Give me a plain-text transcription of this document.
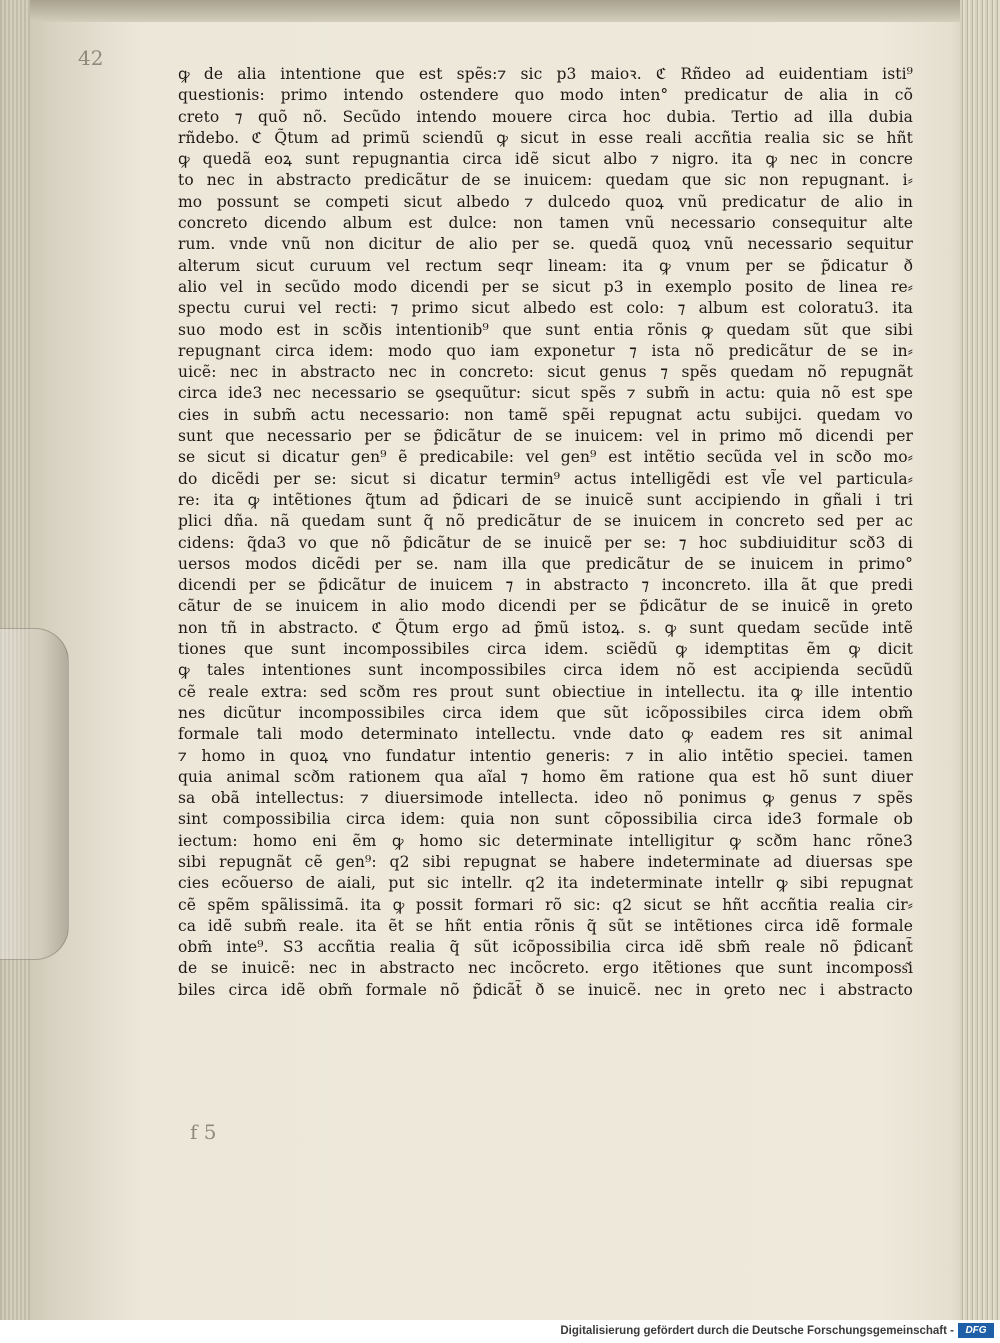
42
f 5
ꝙ de alia intentione que est spẽs:⁊ sic p3 maioꝛ. ℭ Rñdeo ad euidentiam isti⁹
questionis: primo intendo ostendere quo modo inten° predicatur de alia in cõ
creto ⁊ quõ nõ. Secũdo intendo mouere circa hoc dubia. Tertio ad illa dubia
rñdebo. ℭ Q̃tum ad primũ sciendũ ꝙ sicut in esse reali accñtia realia sic se hñt
ꝙ quedã eoꝝ sunt repugnantia circa idẽ sicut albo ⁊ nigro. ita ꝙ nec in concre
to nec in abstracto predicãtur de se inuicem: quedam que sic non repugnant. i⸗
mo possunt se competi sicut albedo ⁊ dulcedo quoꝝ vnũ predicatur de alio in
concreto dicendo album est dulce: non tamen vnũ necessario consequitur alte
rum. vnde vnũ non dicitur de alio per se. quedã quoꝝ vnũ necessario sequitur
alterum sicut curuum vel rectum seqr lineam: ita ꝙ vnum per se p̃dicatur ð
alio vel in secũdo modo dicendi per se sicut p3 in exemplo posito de linea re⸗
spectu curui vel recti: ⁊ primo sicut albedo est colo: ⁊ album est coloratu3. ita
suo modo est in scðis intentionib⁹ que sunt entia rõnis ꝙ quedam sũt que sibi
repugnant circa idem: modo quo iam exponetur ⁊ ista nõ predicãtur de se in⸗
uicẽ: nec in abstracto nec in concreto: sicut genus ⁊ spẽs quedam nõ repugnãt
circa ide3 nec necessario se ꝯsequũtur: sicut spẽs ⁊ subm̃ in actu: quia nõ est spe
cies in subm̃ actu necessario: non tamẽ spẽi repugnat actu subijci. quedam vo
sunt que necessario per se p̃dicãtur de se inuicem: vel in primo mõ dicendi per
se sicut si dicatur gen⁹ ẽ predicabile: vel gen⁹ est intẽtio secũda vel in scðo mo⸗
do dicẽdi per se: sicut si dicatur termin⁹ actus intelligẽdi est vl̃e vel particula⸗
re: ita ꝙ intẽtiones q̃tum ad p̃dicari de se inuicẽ sunt accipiendo in gñali i tri
plici dña. nã quedam sunt q̃ nõ predicãtur de se inuicem in concreto sed per ac
cidens: q̃da3 vo que nõ p̃dicãtur de se inuicẽ per se: ⁊ hoc subdiuiditur scð3 di
uersos modos dicẽdi per se. nam illa que predicãtur de se inuicem in primo°
dicendi per se p̃dicãtur de inuicem ⁊ in abstracto ⁊ inconcreto. illa ãt que predi
cãtur de se inuicem in alio modo dicendi per se p̃dicãtur de se inuicẽ in ꝯreto
non tñ in abstracto. ℭ Q̃tum ergo ad p̃mũ istoꝝ. s. ꝙ sunt quedam secũde intẽ
tiones que sunt incompossibiles circa idem. sciẽdũ ꝙ idemptitas ẽm ꝙ dicit
ꝙ tales intentiones sunt incompossibiles circa idem nõ est accipienda secũdũ
cẽ reale extra: sed scðm res prout sunt obiectiue in intellectu. ita ꝙ ille intentio
nes dicũtur incompossibiles circa idem que sũt icõpossibiles circa idem obm̃
formale tali modo determinato intellectu. vnde dato ꝙ eadem res sit animal
⁊ homo in quoꝝ vno fundatur intentio generis: ⁊ in alio intẽtio speciei. tamen
quia animal scðm rationem qua aĩal ⁊ homo ẽm ratione qua est hõ sunt diuer
sa obã intellectus: ⁊ diuersimode intellecta. ideo nõ ponimus ꝙ genus ⁊ spẽs
sint compossibilia circa idem: quia non sunt cõpossibilia circa ide3 formale ob
iectum: homo eni ẽm ꝙ homo sic determinate intelligitur ꝙ scðm hanc rõne3
sibi repugnãt cẽ gen⁹: q2 sibi repugnat se habere indeterminate ad diuersas spe
cies ecõuerso de aiali, put sic intellr. q2 ita indeterminate intellr ꝙ sibi repugnat
cẽ spẽm spãlissimã. ita ꝙ possit formari rõ sic: q2 sicut se hñt accñtia realia cir⸗
ca idẽ subm̃ reale. ita ẽt se hñt entia rõnis q̃ sũt se intẽtiones circa idẽ formale
obm̃ inte⁹. S3 accñtia realia q̃ sũt icõpossibilia circa idẽ sbm̃ reale nõ p̃dicant̃
de se inuicẽ: nec in abstracto nec incõcreto. ergo itẽtiones que sunt incomposs͂i
biles circa idẽ obm̃ formale nõ p̃dicãt̃ ð se inuicẽ. nec in ꝯreto nec i abstracto
Digitalisierung gefördert durch die Deutsche Forschungsgemeinschaft -	DFG
